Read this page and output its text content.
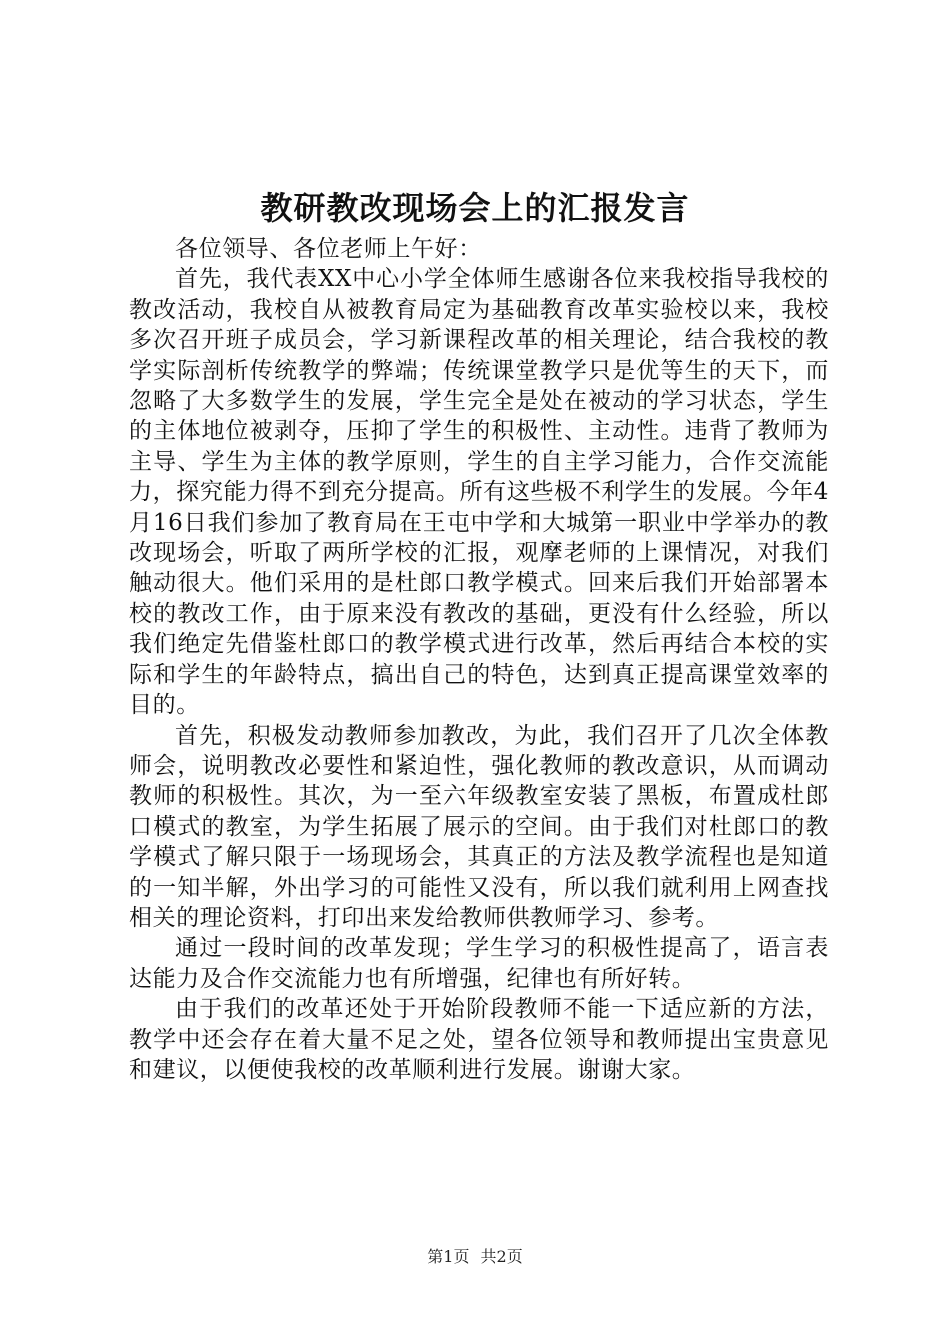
教研教改现场会上的汇报发言

各位领导、各位老师上午好：

首先，我代表XX中心小学全体师生感谢各位来我校指导我校的教改活动，我校自从被教育局定为基础教育改革实验校以来，我校多次召开班子成员会，学习新课程改革的相关理论，结合我校的教学实际剖析传统教学的弊端；传统课堂教学只是优等生的天下，而忽略了大多数学生的发展，学生完全是处在被动的学习状态，学生的主体地位被剥夺，压抑了学生的积极性、主动性。违背了教师为主导、学生为主体的教学原则，学生的自主学习能力，合作交流能力，探究能力得不到充分提高。所有这些极不利学生的发展。今年4月16日我们参加了教育局在王屯中学和大城第一职业中学举办的教改现场会，听取了两所学校的汇报，观摩老师的上课情况，对我们触动很大。他们采用的是杜郎口教学模式。回来后我们开始部署本校的教改工作，由于原来没有教改的基础，更没有什么经验，所以我们绝定先借鉴杜郎口的教学模式进行改革，然后再结合本校的实际和学生的年龄特点，搞出自己的特色，达到真正提高课堂效率的目的。

首先，积极发动教师参加教改，为此，我们召开了几次全体教师会，说明教改必要性和紧迫性，强化教师的教改意识，从而调动教师的积极性。其次，为一至六年级教室安装了黑板，布置成杜郎口模式的教室，为学生拓展了展示的空间。由于我们对杜郎口的教学模式了解只限于一场现场会，其真正的方法及教学流程也是知道的一知半解，外出学习的可能性又没有，所以我们就利用上网查找相关的理论资料，打印出来发给教师供教师学习、参考。

通过一段时间的改革发现；学生学习的积极性提高了，语言表达能力及合作交流能力也有所增强，纪律也有所好转。

由于我们的改革还处于开始阶段教师不能一下适应新的方法，教学中还会存在着大量不足之处，望各位领导和教师提出宝贵意见和建议，以便使我校的改革顺利进行发展。谢谢大家。

第1页 共2页
